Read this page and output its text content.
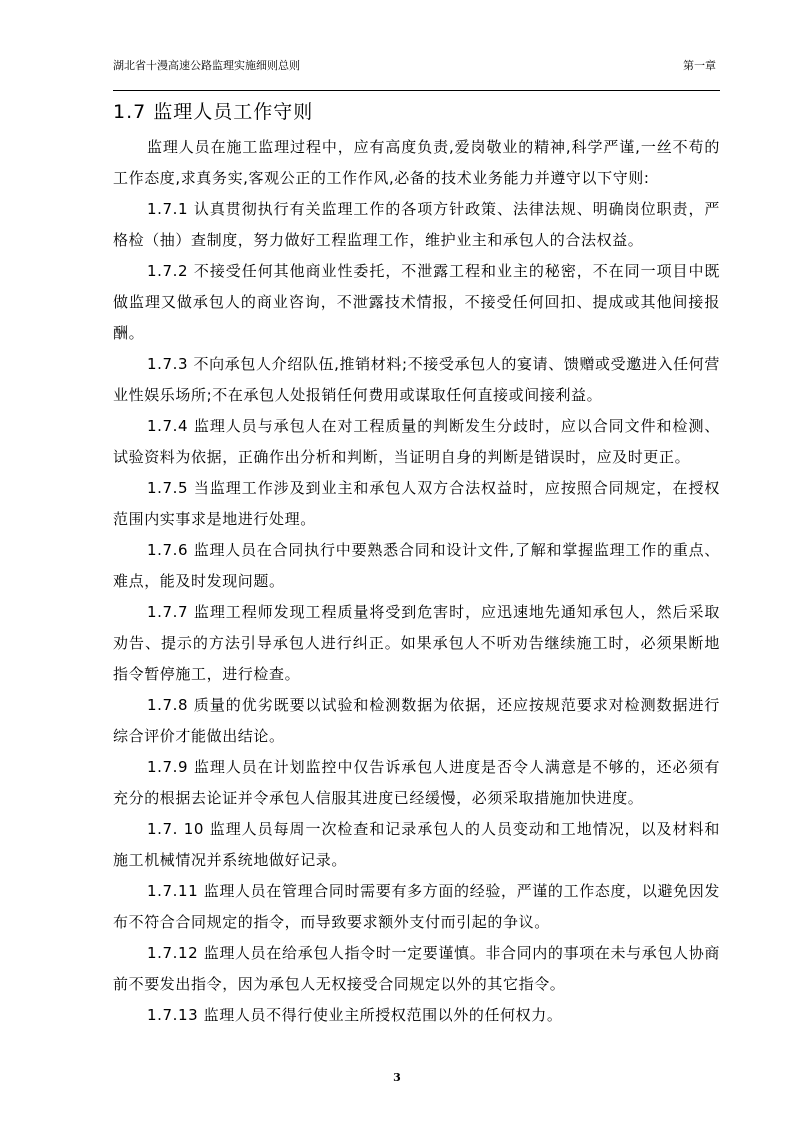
湖北省十漫高速公路监理实施细则总则	第一章
1.7 监理人员工作守则

监理人员在施工监理过程中，应有高度负责,爱岗敬业的精神,科学严谨,一丝不苟的工作态度,求真务实,客观公正的工作作风,必备的技术业务能力并遵守以下守则:

1.7.1 认真贯彻执行有关监理工作的各项方针政策、法律法规、明确岗位职责，严格检（抽）查制度，努力做好工程监理工作，维护业主和承包人的合法权益。

1.7.2 不接受任何其他商业性委托，不泄露工程和业主的秘密，不在同一项目中既做监理又做承包人的商业咨询，不泄露技术情报，不接受任何回扣、提成或其他间接报酬。

1.7.3 不向承包人介绍队伍,推销材料;不接受承包人的宴请、馈赠或受邀进入任何营业性娱乐场所;不在承包人处报销任何费用或谋取任何直接或间接利益。

1.7.4 监理人员与承包人在对工程质量的判断发生分歧时，应以合同文件和检测、试验资料为依据，正确作出分析和判断，当证明自身的判断是错误时，应及时更正。

1.7.5 当监理工作涉及到业主和承包人双方合法权益时，应按照合同规定，在授权范围内实事求是地进行处理。

1.7.6 监理人员在合同执行中要熟悉合同和设计文件,了解和掌握监理工作的重点、难点，能及时发现问题。

1.7.7 监理工程师发现工程质量将受到危害时，应迅速地先通知承包人，然后采取劝告、提示的方法引导承包人进行纠正。如果承包人不听劝告继续施工时，必须果断地指令暂停施工，进行检查。

1.7.8 质量的优劣既要以试验和检测数据为依据，还应按规范要求对检测数据进行综合评价才能做出结论。

1.7.9 监理人员在计划监控中仅告诉承包人进度是否令人满意是不够的，还必须有充分的根据去论证并令承包人信服其进度已经缓慢，必须采取措施加快进度。

1.7. 10 监理人员每周一次检查和记录承包人的人员变动和工地情况，以及材料和施工机械情况并系统地做好记录。

1.7.11 监理人员在管理合同时需要有多方面的经验，严谨的工作态度，以避免因发布不符合合同规定的指令，而导致要求额外支付而引起的争议。

1.7.12 监理人员在给承包人指令时一定要谨慎。非合同内的事项在未与承包人协商前不要发出指令，因为承包人无权接受合同规定以外的其它指令。

1.7.13 监理人员不得行使业主所授权范围以外的任何权力。

3
